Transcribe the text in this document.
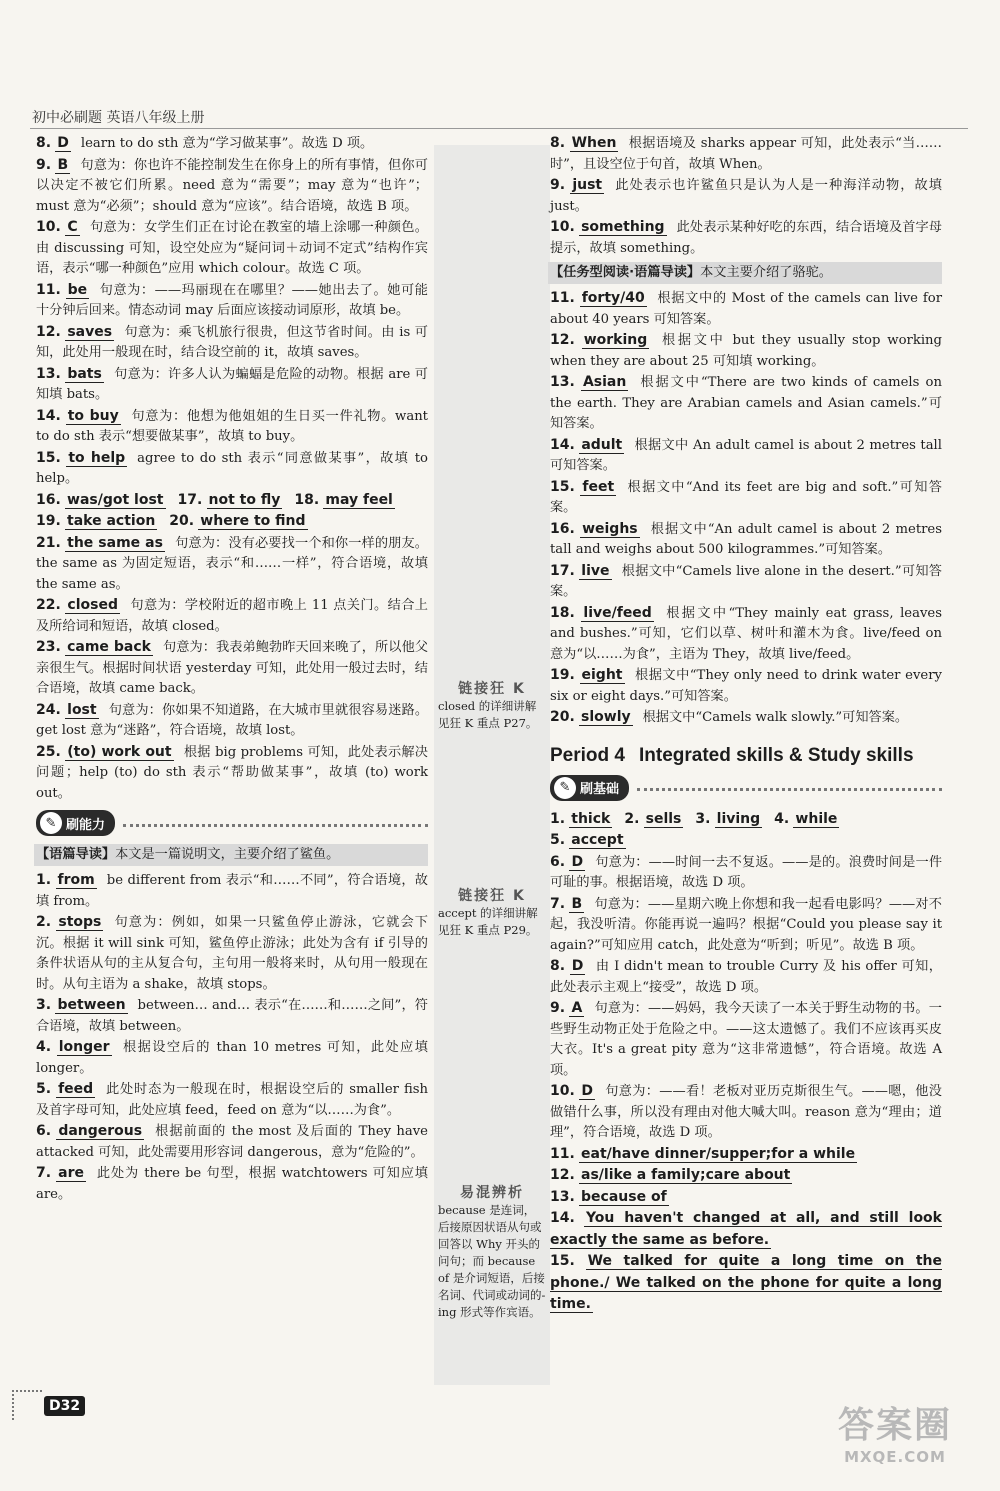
初中必刷题 英语八年级上册

8. D learn to do sth 意为“学习做某事”。故选 D 项。

9. B 句意为：你也许不能控制发生在你身上的所有事情，但你可以决定不被它们所累。need 意为“需要”；may 意为“也许”；must 意为“必须”；should 意为“应该”。结合语境，故选 B 项。

10. C 句意为：女学生们正在讨论在教室的墙上涂哪一种颜色。由 discussing 可知，设空处应为“疑问词＋动词不定式”结构作宾语，表示“哪一种颜色”应用 which colour。故选 C 项。

11. be 句意为：——玛丽现在在哪里？——她出去了。她可能十分钟后回来。情态动词 may 后面应该接动词原形，故填 be。

12. saves 句意为：乘飞机旅行很贵，但这节省时间。由 is 可知，此处用一般现在时，结合设空前的 it，故填 saves。

13. bats 句意为：许多人认为蝙蝠是危险的动物。根据 are 可知填 bats。

14. to buy 句意为：他想为他姐姐的生日买一件礼物。want to do sth 表示“想要做某事”，故填 to buy。

15. to help agree to do sth 表示“同意做某事”，故填 to help。

16. was/got lost 17. not to fly 18. may feel

19. take action 20. where to find

21. the same as 句意为：没有必要找一个和你一样的朋友。the same as 为固定短语，表示“和……一样”，符合语境，故填 the same as。

22. closed 句意为：学校附近的超市晚上 11 点关门。结合上及所给词和短语，故填 closed。

23. came back 句意为：我表弟鲍勃昨天回来晚了，所以他父亲很生气。根据时间状语 yesterday 可知，此处用一般过去时，结合语境，故填 came back。

24. lost 句意为：你如果不知道路，在大城市里就很容易迷路。get lost 意为“迷路”，符合语境，故填 lost。

25. (to) work out 根据 big problems 可知，此处表示解决问题；help (to) do sth 表示“帮助做某事”，故填 (to) work out。

✎ 刷能力
【语篇导读】本文是一篇说明文，主要介绍了鲨鱼。

1. from be different from 表示“和……不同”，符合语境，故填 from。

2. stops 句意为：例如，如果一只鲨鱼停止游泳，它就会下沉。根据 it will sink 可知，鲨鱼停止游泳；此处为含有 if 引导的条件状语从句的主从复合句，主句用一般将来时，从句用一般现在时。从句主语为 a shake，故填 stops。

3. between between… and… 表示“在……和……之间”，符合语境，故填 between。

4. longer 根据设空后的 than 10 metres 可知，此处应填 longer。

5. feed 此处时态为一般现在时，根据设空后的 smaller fish 及首字母可知，此处应填 feed，feed on 意为“以……为食”。

6. dangerous 根据前面的 the most 及后面的 They have attacked 可知，此处需要用形容词 dangerous，意为“危险的”。

7. are 此处为 there be 句型，根据 watchtowers 可知应填 are。

链接狂 K
closed 的详细讲解见狂 K 重点 P27。
链接狂 K
accept 的详细讲解见狂 K 重点 P29。
易混辨析
because 是连词，后接原因状语从句或回答以 Why 开头的问句；而 because of 是介词短语，后接名词、代词或动词的-ing 形式等作宾语。

8. When 根据语境及 sharks appear 可知，此处表示“当……时”，且设空位于句首，故填 When。

9. just 此处表示也许鲨鱼只是认为人是一种海洋动物，故填 just。

10. something 此处表示某种好吃的东西，结合语境及首字母提示，故填 something。

【任务型阅读·语篇导读】本文主要介绍了骆驼。

11. forty/40 根据文中的 Most of the camels can live for about 40 years 可知答案。

12. working 根据文中 but they usually stop working when they are about 25 可知填 working。

13. Asian 根据文中“There are two kinds of camels on the earth. They are Arabian camels and Asian camels.”可知答案。

14. adult 根据文中 An adult camel is about 2 metres tall 可知答案。

15. feet 根据文中“And its feet are big and soft.”可知答案。

16. weighs 根据文中“An adult camel is about 2 metres tall and weighs about 500 kilogrammes.”可知答案。

17. live 根据文中“Camels live alone in the desert.”可知答案。

18. live/feed 根据文中“They mainly eat grass, leaves and bushes.”可知，它们以草、树叶和灌木为食。live/feed on 意为“以……为食”，主语为 They，故填 live/feed。

19. eight 根据文中“They only need to drink water every six or eight days.”可知答案。

20. slowly 根据文中“Camels walk slowly.”可知答案。

Period 4 Integrated skills & Study skills
✎ 刷基础

1. thick 2. sells 3. living 4. while

5. accept

6. D 句意为：——时间一去不复返。——是的。浪费时间是一件可耻的事。根据语境，故选 D 项。

7. B 句意为：——星期六晚上你想和我一起看电影吗？——对不起，我没听清。你能再说一遍吗？根据“Could you please say it again?”可知应用 catch，此处意为“听到；听见”。故选 B 项。

8. D 由 I didn't mean to trouble Curry 及 his offer 可知，此处表示主观上“接受”，故选 D 项。

9. A 句意为：——妈妈，我今天读了一本关于野生动物的书。一些野生动物正处于危险之中。——这太遗憾了。我们不应该再买皮大衣。It's a great pity 意为“这非常遗憾”，符合语境。故选 A 项。

10. D 句意为：——看！老板对亚历克斯很生气。——嗯，他没做错什么事，所以没有理由对他大喊大叫。reason 意为“理由；道理”，符合语境，故选 D 项。

11. eat/have dinner/supper;for a while

12. as/like a family;care about

13. because of

14. You haven't changed at all, and still look exactly the same as before.

15. We talked for quite a long time on the phone./ We talked on the phone for quite a long time.

D32	答案圈
MXQE.COM
